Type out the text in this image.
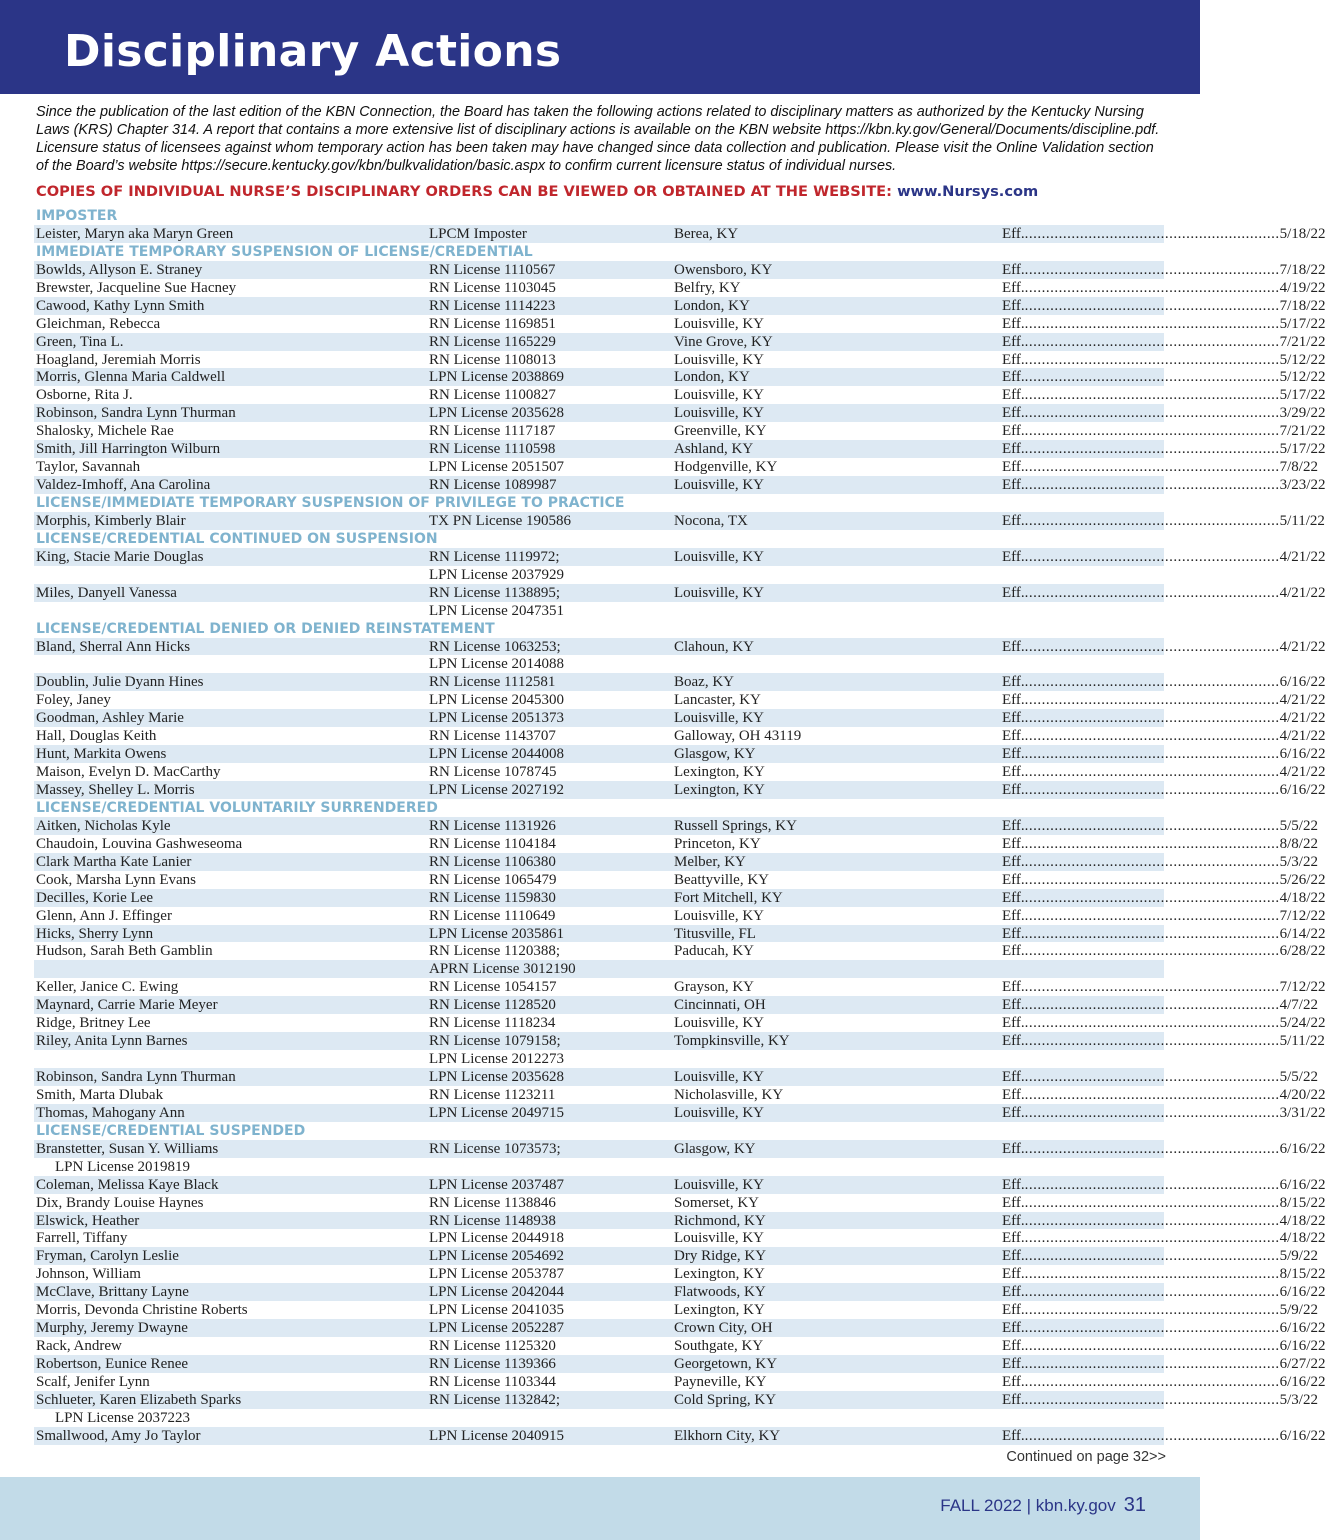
Disciplinary Actions
Since the publication of the last edition of the KBN Connection, the Board has taken the following actions related to disciplinary matters as authorized by the Kentucky Nursing Laws (KRS) Chapter 314. A report that contains a more extensive list of disciplinary actions is available on the KBN website https://kbn.ky.gov/General/Documents/discipline.pdf. Licensure status of licensees against whom temporary action has been taken may have changed since data collection and publication. Please visit the Online Validation section of the Board’s website https://secure.kentucky.gov/kbn/bulkvalidation/basic.aspx to confirm current licensure status of individual nurses.
COPIES OF INDIVIDUAL NURSE’S DISCIPLINARY ORDERS CAN BE VIEWED OR OBTAINED AT THE WEBSITE: www.Nursys.com
IMPOSTER
Leister, Maryn aka Maryn Green	LPCM Imposter	Berea, KY	Eff. ............................................................ 5/18/22
IMMEDIATE TEMPORARY SUSPENSION OF LICENSE/CREDENTIAL
Bowlds, Allyson E. Straney	RN License 1110567	Owensboro, KY	Eff. ............................................................ 7/18/22
Brewster, Jacqueline Sue Hacney	RN License 1103045	Belfry, KY	Eff. ............................................................ 4/19/22
Cawood, Kathy Lynn Smith	RN License 1114223	London, KY	Eff. ............................................................ 7/18/22
Gleichman, Rebecca	RN License 1169851	Louisville, KY	Eff. ............................................................ 5/17/22
Green, Tina L.	RN License 1165229	Vine Grove, KY	Eff. ............................................................ 7/21/22
Hoagland, Jeremiah Morris	RN License 1108013	Louisville, KY	Eff. ............................................................ 5/12/22
Morris, Glenna Maria Caldwell	LPN License 2038869	London, KY	Eff. ............................................................ 5/12/22
Osborne, Rita J.	RN License 1100827	Louisville, KY	Eff. ............................................................ 5/17/22
Robinson, Sandra Lynn Thurman	LPN License 2035628	Louisville, KY	Eff. ............................................................ 3/29/22
Shalosky, Michele Rae	RN License 1117187	Greenville, KY	Eff. ............................................................ 7/21/22
Smith, Jill Harrington Wilburn	RN License 1110598	Ashland, KY	Eff. ............................................................ 5/17/22
Taylor, Savannah	LPN License 2051507	Hodgenville, KY	Eff. ............................................................ 7/8/22
Valdez-Imhoff, Ana Carolina	RN License 1089987	Louisville, KY	Eff. ............................................................ 3/23/22
LICENSE/IMMEDIATE TEMPORARY SUSPENSION OF PRIVILEGE TO PRACTICE
Morphis, Kimberly Blair	TX PN License 190586	Nocona, TX	Eff. ............................................................ 5/11/22
LICENSE/CREDENTIAL CONTINUED ON SUSPENSION
King, Stacie Marie Douglas	RN License 1119972;	Louisville, KY	Eff. ............................................................ 4/21/22
LPN License 2037929
Miles, Danyell Vanessa	RN License 1138895;	Louisville, KY	Eff. ............................................................ 4/21/22
LPN License 2047351
LICENSE/CREDENTIAL DENIED OR DENIED REINSTATEMENT
Bland, Sherral Ann Hicks	RN License 1063253;	Clahoun, KY	Eff. ............................................................ 4/21/22
LPN License 2014088
Doublin, Julie Dyann Hines	RN License 1112581	Boaz, KY	Eff. ............................................................ 6/16/22
Foley, Janey	LPN License 2045300	Lancaster, KY	Eff. ............................................................ 4/21/22
Goodman, Ashley Marie	LPN License 2051373	Louisville, KY	Eff. ............................................................ 4/21/22
Hall, Douglas Keith	RN License 1143707	Galloway, OH 43119	Eff. ............................................................ 4/21/22
Hunt, Markita Owens	LPN License 2044008	Glasgow, KY	Eff. ............................................................ 6/16/22
Maison, Evelyn D. MacCarthy	RN License 1078745	Lexington, KY	Eff. ............................................................ 4/21/22
Massey, Shelley L. Morris	LPN License 2027192	Lexington, KY	Eff. ............................................................ 6/16/22
LICENSE/CREDENTIAL VOLUNTARILY SURRENDERED
Aitken, Nicholas Kyle	RN License 1131926	Russell Springs, KY	Eff. ............................................................ 5/5/22
Chaudoin, Louvina Gashweseoma	RN License 1104184	Princeton, KY	Eff. ............................................................ 8/8/22
Clark Martha Kate Lanier	RN License 1106380	Melber, KY	Eff. ............................................................ 5/3/22
Cook, Marsha Lynn Evans	RN License 1065479	Beattyville, KY	Eff. ............................................................ 5/26/22
Decilles, Korie Lee	RN License 1159830	Fort Mitchell, KY	Eff. ............................................................ 4/18/22
Glenn, Ann J. Effinger	RN License 1110649	Louisville, KY	Eff. ............................................................ 7/12/22
Hicks, Sherry Lynn	LPN License 2035861	Titusville, FL	Eff. ............................................................ 6/14/22
Hudson, Sarah Beth Gamblin	RN License 1120388;	Paducah, KY	Eff. ............................................................ 6/28/22
APRN License 3012190
Keller, Janice C. Ewing	RN License 1054157	Grayson, KY	Eff. ............................................................ 7/12/22
Maynard, Carrie Marie Meyer	RN License 1128520	Cincinnati, OH	Eff. ............................................................ 4/7/22
Ridge, Britney Lee	RN License 1118234	Louisville, KY	Eff. ............................................................ 5/24/22
Riley, Anita Lynn Barnes	RN License 1079158;	Tompkinsville, KY	Eff. ............................................................ 5/11/22
LPN License 2012273
Robinson, Sandra Lynn Thurman	LPN License 2035628	Louisville, KY	Eff. ............................................................ 5/5/22
Smith, Marta Dlubak	RN License 1123211	Nicholasville, KY	Eff. ............................................................ 4/20/22
Thomas, Mahogany Ann	LPN License 2049715	Louisville, KY	Eff. ............................................................ 3/31/22
LICENSE/CREDENTIAL SUSPENDED
Branstetter, Susan Y. Williams	RN License 1073573;	Glasgow, KY	Eff. ............................................................ 6/16/22
LPN License 2019819
Coleman, Melissa Kaye Black	LPN License 2037487	Louisville, KY	Eff. ............................................................ 6/16/22
Dix, Brandy Louise Haynes	RN License 1138846	Somerset, KY	Eff. ............................................................ 8/15/22
Elswick, Heather	RN License 1148938	Richmond, KY	Eff. ............................................................ 4/18/22
Farrell, Tiffany	LPN License 2044918	Louisville, KY	Eff. ............................................................ 4/18/22
Fryman, Carolyn Leslie	LPN License 2054692	Dry Ridge, KY	Eff. ............................................................ 5/9/22
Johnson, William	LPN License 2053787	Lexington, KY	Eff. ............................................................ 8/15/22
McClave, Brittany Layne	LPN License 2042044	Flatwoods, KY	Eff. ............................................................ 6/16/22
Morris, Devonda Christine Roberts	LPN License 2041035	Lexington, KY	Eff. ............................................................ 5/9/22
Murphy, Jeremy Dwayne	LPN License 2052287	Crown City, OH	Eff. ............................................................ 6/16/22
Rack, Andrew	RN License 1125320	Southgate, KY	Eff. ............................................................ 6/16/22
Robertson, Eunice Renee	RN License 1139366	Georgetown, KY	Eff. ............................................................ 6/27/22
Scalf, Jenifer Lynn	RN License 1103344	Payneville, KY	Eff. ............................................................ 6/16/22
Schlueter, Karen Elizabeth Sparks	RN License 1132842;	Cold Spring, KY	Eff. ............................................................ 5/3/22
LPN License 2037223
Smallwood, Amy Jo Taylor	LPN License 2040915	Elkhorn City, KY	Eff. ............................................................ 6/16/22
Continued on page 32>>
FALL 2022 | kbn.ky.gov 31
